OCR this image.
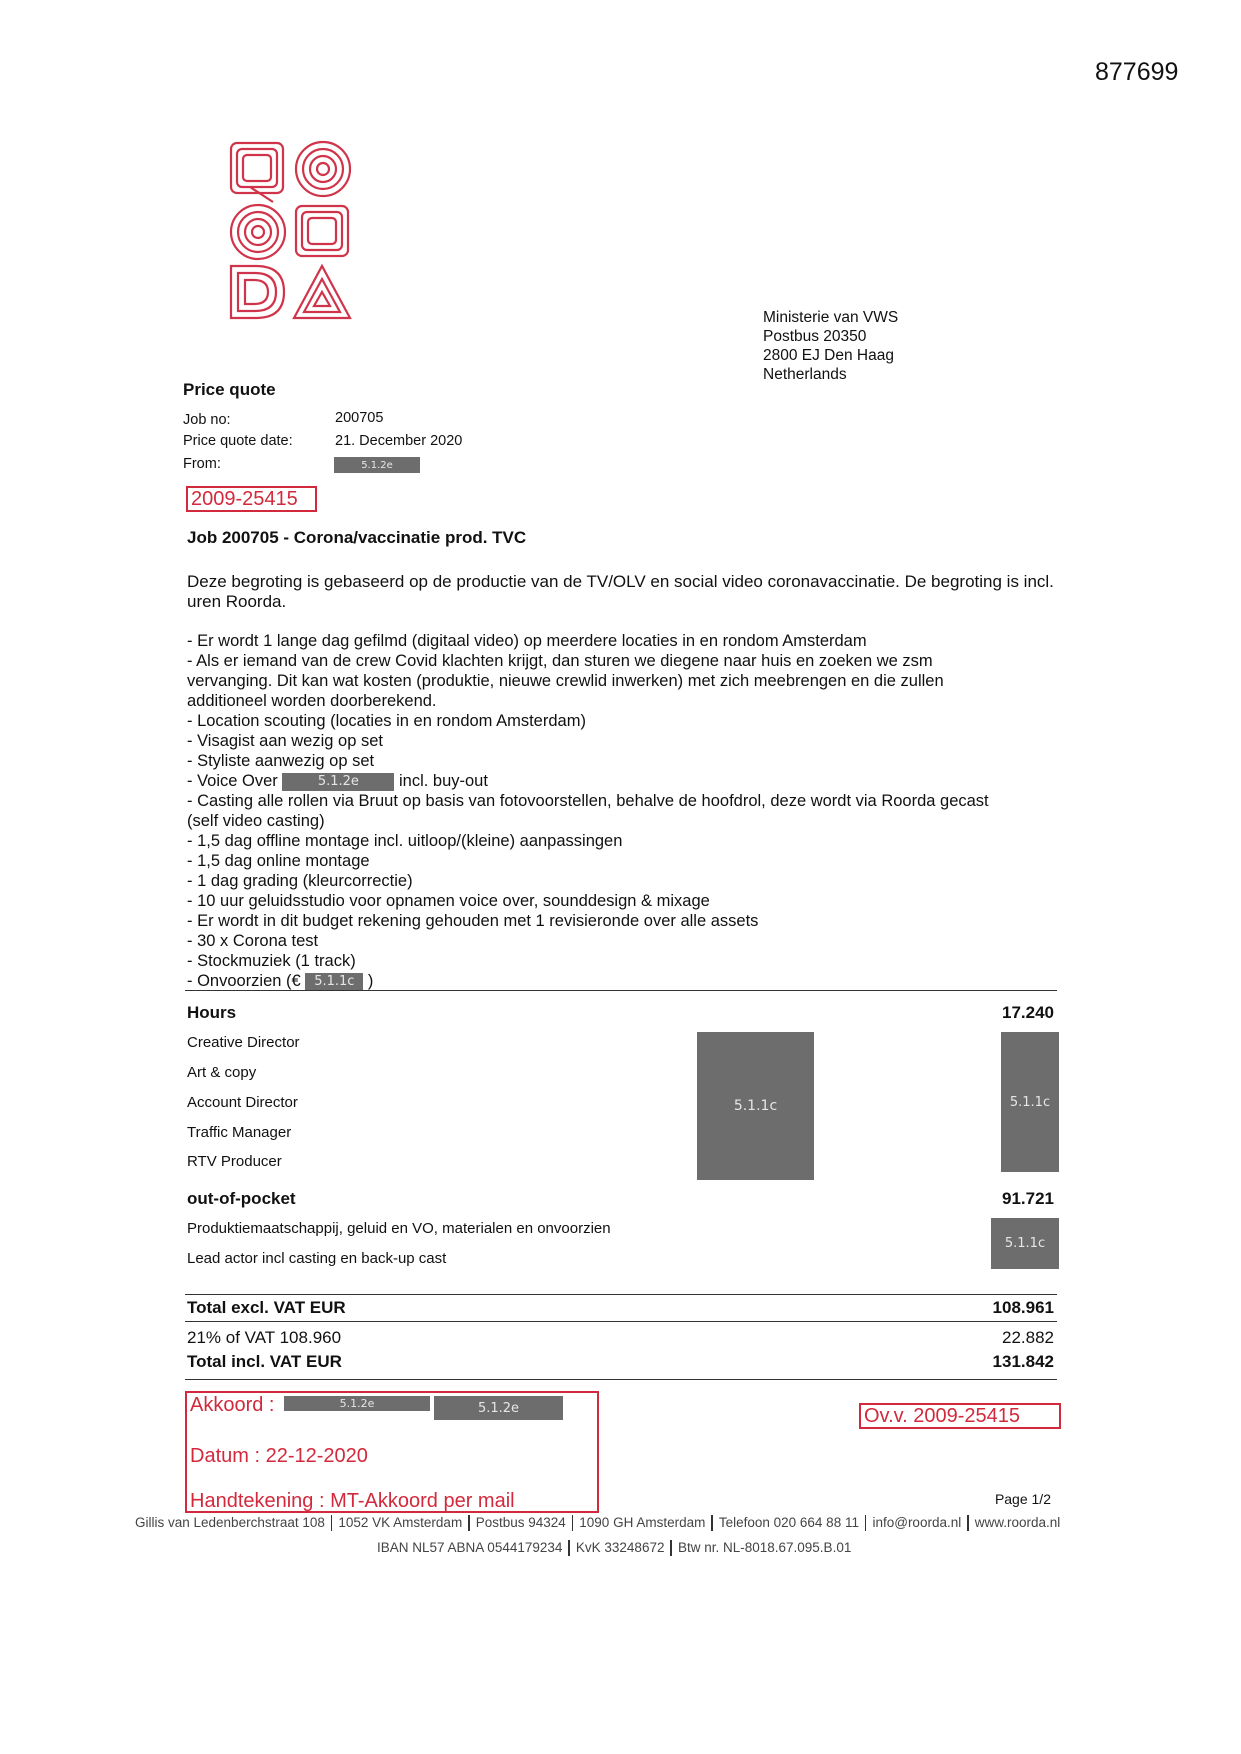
877699
Ministerie van VWS
Postbus 20350
2800 EJ Den Haag
Netherlands
Price quote
Job no:	200705
Price quote date:	21. December 2020
From:	5.1.2e
2009-25415
Job 200705 - Corona/vaccinatie prod. TVC
Deze begroting is gebaseerd op de productie van de TV/OLV en social video coronavaccinatie. De begroting is incl. uren Roorda.
- Er wordt 1 lange dag gefilmd (digitaal video) op meerdere locaties in en rondom Amsterdam
- Als er iemand van de crew Covid klachten krijgt, dan sturen we diegene naar huis en zoeken we zsm
vervanging. Dit kan wat kosten (produktie, nieuwe crewlid inwerken) met zich meebrengen en die zullen
additioneel worden doorberekend.
- Location scouting (locaties in en rondom Amsterdam)
- Visagist aan wezig op set
- Styliste aanwezig op set
- Voice Over	5.1.2e incl. buy-out
- Casting alle rollen via Bruut op basis van fotovoorstellen, behalve de hoofdrol, deze wordt via Roorda gecast
(self video casting)
- 1,5 dag offline montage incl. uitloop/(kleine) aanpassingen
- 1,5 dag online montage
- 1 dag grading (kleurcorrectie)
- 10 uur geluidsstudio voor opnamen voice over, sounddesign & mixage
- Er wordt in dit budget rekening gehouden met 1 revisieronde over alle assets
- 30 x Corona test
- Stockmuziek (1 track)
- Onvoorzien (€ 5.1.1c )
Hours	17.240
Creative Director
Art & copy
Account Director
Traffic Manager
RTV Producer
5.1.1c	5.1.1c
out-of-pocket	91.721
Produktiemaatschappij, geluid en VO, materialen en onvoorzien
Lead actor incl casting en back-up cast
5.1.1c
Total excl. VAT EUR	108.961
21% of VAT 108.960	22.882
Total incl. VAT EUR	131.842
Akkoord :	5.1.2e	5.1.2e
Datum : 22-12-2020
Handtekening : MT-Akkoord per mail
Ov.v. 2009-25415
Page 1/2
Gillis van Ledenberchstraat 108 1052 VK Amsterdam Postbus 94324 1090 GH Amsterdam Telefoon 020 664 88 11 info@roorda.nl www.roorda.nl
IBAN NL57 ABNA 0544179234 KvK 33248672 Btw nr. NL-8018.67.095.B.01
